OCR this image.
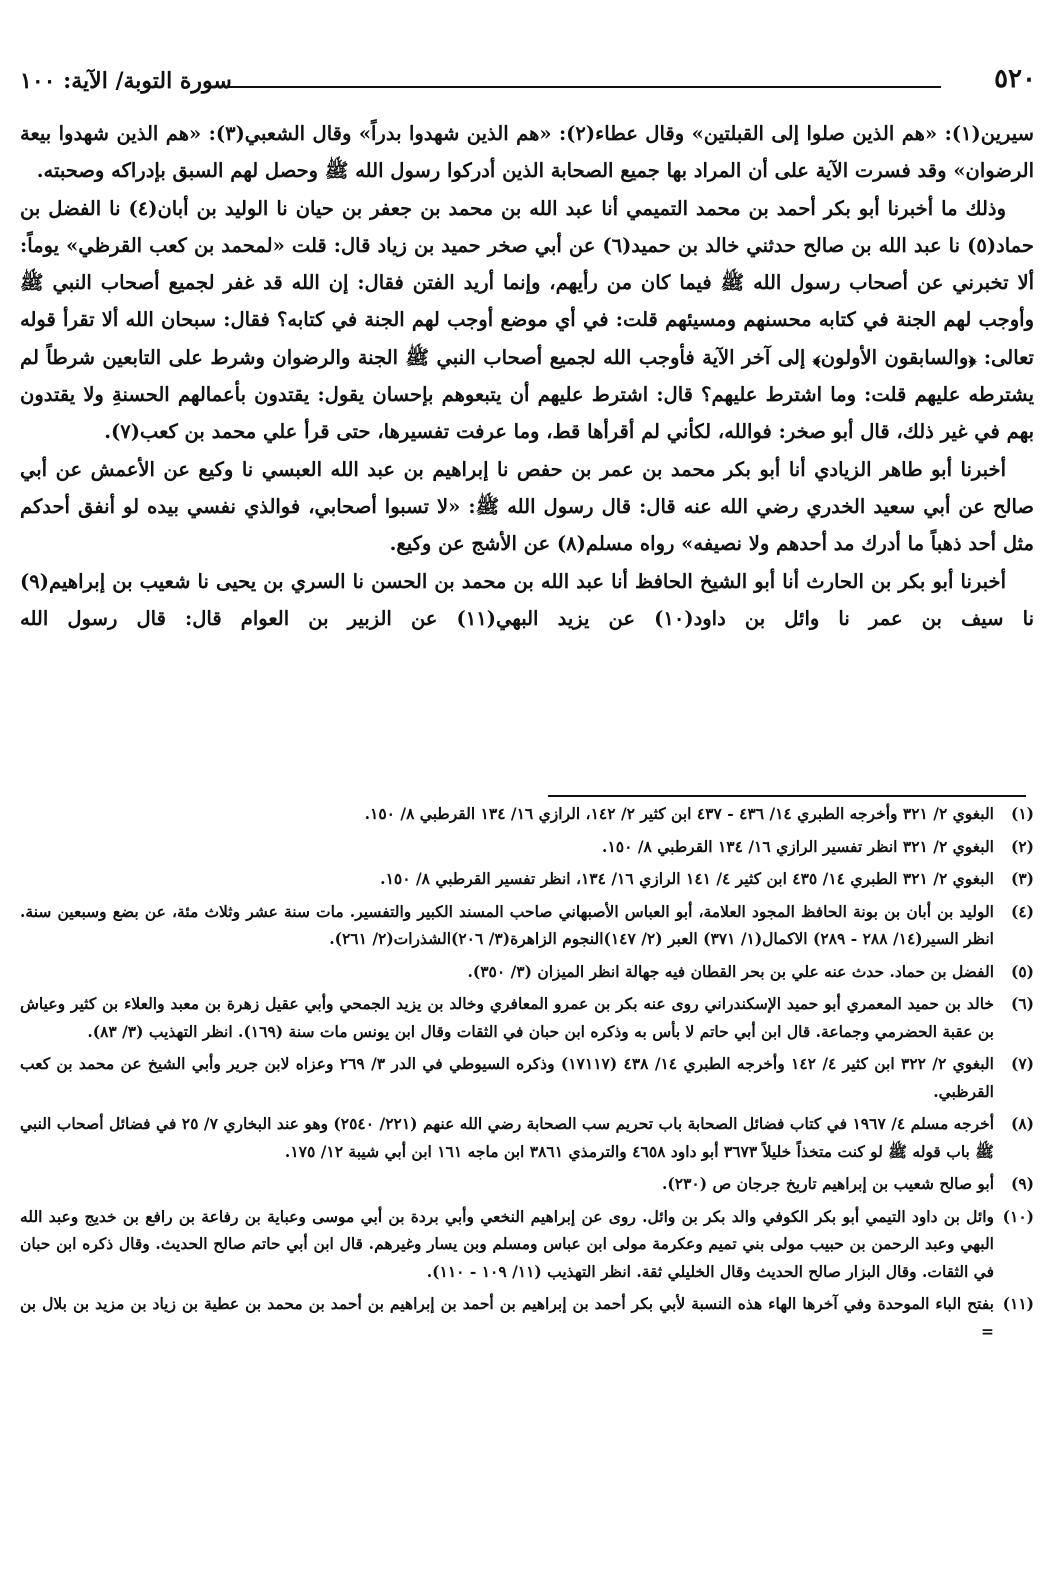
سورة التوبة/ الآية: ١٠٠	٥٢٠

سيرين(١): «هم الذين صلوا إلى القبلتين» وقال عطاء(٢): «هم الذين شهدوا بدراً» وقال الشعبي(٣): «هم الذين شهدوا بيعة الرضوان» وقد فسرت الآية على أن المراد بها جميع الصحابة الذين أدركوا رسول الله ﷺ وحصل لهم السبق بإدراكه وصحبته.

وذلك ما أخبرنا أبو بكر أحمد بن محمد التميمي أنا عبد الله بن محمد بن جعفر بن حيان نا الوليد بن أبان(٤) نا الفضل بن حماد(٥) نا عبد الله بن صالح حدثني خالد بن حميد(٦) عن أبي صخر حميد بن زياد قال: قلت «لمحمد بن كعب القرظي» يوماً: ألا تخبرني عن أصحاب رسول الله ﷺ فيما كان من رأيهم، وإنما أريد الفتن فقال: إن الله قد غفر لجميع أصحاب النبي ﷺ وأوجب لهم الجنة في كتابه محسنهم ومسيئهم قلت: في أي موضع أوجب لهم الجنة في كتابه؟ فقال: سبحان الله ألا تقرأ قوله تعالى: ﴿والسابقون الأولون﴾ إلى آخر الآية فأوجب الله لجميع أصحاب النبي ﷺ الجنة والرضوان وشرط على التابعين شرطاً لم يشترطه عليهم قلت: وما اشترط عليهم؟ قال: اشترط عليهم أن يتبعوهم بإحسان يقول: يقتدون بأعمالهم الحسنةِ ولا يقتدون بهم في غير ذلك، قال أبو صخر: فوالله، لكأني لم أقرأها قط، وما عرفت تفسيرها، حتى قرأ علي محمد بن كعب(٧).

أخبرنا أبو طاهر الزيادي أنا أبو بكر محمد بن عمر بن حفص نا إبراهيم بن عبد الله العبسي نا وكيع عن الأعمش عن أبي صالح عن أبي سعيد الخدري رضي الله عنه قال: قال رسول الله ﷺ: «لا تسبوا أصحابي، فوالذي نفسي بيده لو أنفق أحدكم مثل أحد ذهباً ما أدرك مد أحدهم ولا نصيفه» رواه مسلم(٨) عن الأشج عن وكيع.

أخبرنا أبو بكر بن الحارث أنا أبو الشيخ الحافظ أنا عبد الله بن محمد بن الحسن نا السري بن يحيى نا شعيب بن إبراهيم(٩) نا سيف بن عمر نا وائل بن داود(١٠) عن يزيد البهي(١١) عن الزبير بن العوام قال: قال رسول الله

(١)
البغوي ٢/ ٣٢١ وأخرجه الطبري ١٤/ ٤٣٦ - ٤٣٧ ابن كثير ٢/ ١٤٢، الرازي ١٦/ ١٣٤ القرطبي ٨/ ١٥٠.
(٢)
البغوي ٢/ ٣٢١ انظر تفسير الرازي ١٦/ ١٣٤ القرطبي ٨/ ١٥٠.
(٣)
البغوي ٢/ ٣٢١ الطبري ١٤/ ٤٣٥ ابن كثير ٤/ ١٤١ الرازي ١٦/ ١٣٤، انظر تفسير القرطبي ٨/ ١٥٠.
(٤)
الوليد بن أبان بن بونة الحافظ المجود العلامة، أبو العباس الأصبهاني صاحب المسند الكبير والتفسير. مات سنة عشر وثلاث مئة، عن بضع وسبعين سنة. انظر السير(١٤/ ٢٨٨ - ٢٨٩) الاكمال(١/ ٣٧١) العبر (٢/ ١٤٧)النجوم الزاهرة(٣/ ٢٠٦)الشذرات(٢/ ٢٦١).
(٥)
الفضل بن حماد. حدث عنه علي بن بحر القطان فيه جهالة انظر الميزان (٣/ ٣٥٠).
(٦)
خالد بن حميد المعمري أبو حميد الإسكندراني روى عنه بكر بن عمرو المعافري وخالد بن يزيد الجمحي وأبي عقيل زهرة بن معبد والعلاء بن كثير وعياش بن عقبة الحضرمي وجماعة. قال ابن أبي حاتم لا بأس به وذكره ابن حبان في الثقات وقال ابن يونس مات سنة (١٦٩). انظر التهذيب (٣/ ٨٣).
(٧)
البغوي ٢/ ٣٢٢ ابن كثير ٤/ ١٤٢ وأخرجه الطبري ١٤/ ٤٣٨ (١٧١١٧) وذكره السيوطي في الدر ٣/ ٢٦٩ وعزاه لابن جرير وأبي الشيخ عن محمد بن كعب القرظبي.
(٨)
أخرجه مسلم ٤/ ١٩٦٧ في كتاب فضائل الصحابة باب تحريم سب الصحابة رضي الله عنهم (٢٢١/ ٢٥٤٠) وهو عند البخاري ٧/ ٢٥ في فضائل أصحاب النبي ﷺ باب قوله ﷺ لو كنت متخذاً خليلاً ٣٦٧٣ أبو داود ٤٦٥٨ والترمذي ٣٨٦١ ابن ماجه ١٦١ ابن أبي شيبة ١٢/ ١٧٥.
(٩)
أبو صالح شعيب بن إبراهيم تاريخ جرجان ص (٢٣٠).
(١٠)
وائل بن داود التيمي أبو بكر الكوفي والد بكر بن وائل. روى عن إبراهيم النخعي وأبي بردة بن أبي موسى وعباية بن رفاعة بن رافع بن خديج وعبد الله البهي وعبد الرحمن بن حبيب مولى بني تميم وعكرمة مولى ابن عباس ومسلم وبن يسار وغيرهم. قال ابن أبي حاتم صالح الحديث. وقال ذكره ابن حبان في الثقات. وقال البزار صالح الحديث وقال الخليلي ثقة. انظر التهذيب (١١/ ١٠٩ - ١١٠).
(١١)
بفتح الباء الموحدة وفي آخرها الهاء هذه النسبة لأبي بكر أحمد بن إبراهيم بن أحمد بن إبراهيم بن أحمد بن محمد بن عطية بن زياد بن مزيد بن بلال بن =
